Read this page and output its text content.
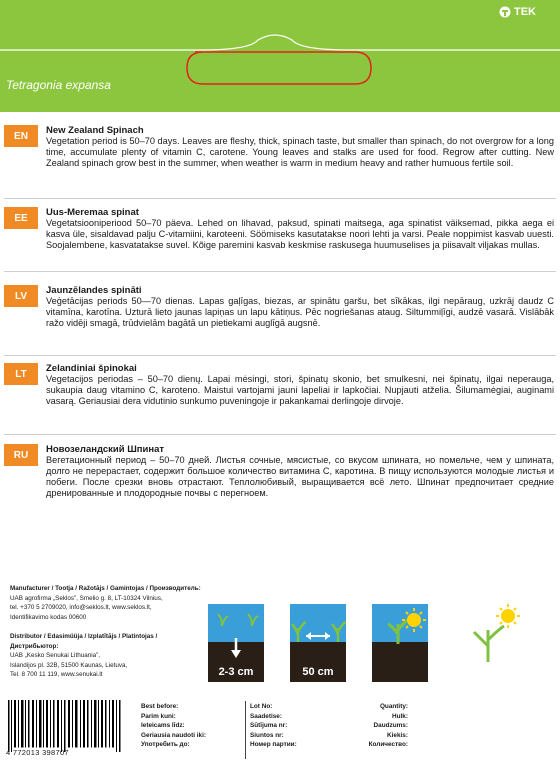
TEK
Tetragonia expansa
EN	New Zealand Spinach
Vegetation period is 50–70 days. Leaves are fleshy, thick, spinach taste, but smaller than spinach, do not overgrow for a long time, accumulate plenty of vitamin C, carotene. Young leaves and stalks are used for food. Regrow after cutting. New Zealand spinach grow best in the summer, when weather is warm in medium heavy and rather humuous fertile soil.
EE	Uus-Meremaa spinat
Vegetatsiooniperiood 50–70 päeva. Lehed on lihavad, paksud, spinati maitsega, aga spinatist väiksemad, pikka aega ei kasva üle, sisaldavad palju C-vitamiini, karoteeni. Söömiseks kasutatakse noori lehti ja varsi. Peale noppimist kasvab uuesti. Soojalembene, kasvatatakse suvel. Kõige paremini kasvab keskmise raskusega huumuselises ja piisavalt viljakas mullas.
LV	Jaunzēlandes spināti
Veģetācijas periods 50—70 dienas. Lapas gaļīgas, biezas, ar spinātu garšu, bet sīkākas, ilgi nepāraug, uzkrāj daudz C vitamīna, karotīna. Uzturā lieto jaunas lapiņas un lapu kātiņus. Pēc nogriešanas ataug. Siltummiļīgi, audzē vasarā. Vislābāk ražo vidēji smagā, trūdvielām bagātā un pietiekami auglīgā augsnē.
LT	Zelandiniai špinokai
Vegetacijos periodas – 50–70 dienų. Lapai mėsingi, stori, špinatų skonio, bet smulkesni, nei špinatų, ilgai neperauga, sukaupia daug vitamino C, karoteno. Maistui vartojami jauni lapeliai ir lapkočiai. Nupjauti atželia. Šilumamėgiai, auginami vasarą. Geriausiai dera vidutinio sunkumo puveningoje ir pakankamai derlingoje dirvoje.
RU	Новозеландский Шпинат
Вегетационный период – 50–70 дней. Листья сочные, мясистые, со вкусом шпината, но помельче, чем у шпината, долго не перерастает, содержит большое количество витамина С, каротина. В пищу используются молодые листья и побеги. После срезки вновь отрастают. Теплолюбивый, выращивается всё лето. Шпинат предпочитает средние дренированные и плодородные почвы с перегноем.
Manufacturer / Tootja / Ražotājs / Gamintojas / Производитель:
UAB agrofirma „Seklos”, Smelio g. 8, LT-10324 Vilnius,
tel. +370 5 2709020, info@seklos.lt, www.seklos.lt,
Identifikavimo kodas 00600
Distributor / Edasimüüja / Izplatītājs / Platintojas / Дистрибьютор:
UAB „Kesko Senukai Lithuania”,
Islandijos pl. 32B, 51500 Kaunas, Lietuva,
Tel. 8 700 11 119, www.senukai.lt	2-3 cm	50 cm
4 772013 398707
Best before:
Parim kuni:
Ieteicams līdz:
Geriausia naudoti iki:
Употребить до:
Lot No:
Saadetise:
Sūtījuma nr:
Siuntos nr:
Номер партии:
Quantity:
Hulk:
Daudzums:
Kiekis:
Количество:
